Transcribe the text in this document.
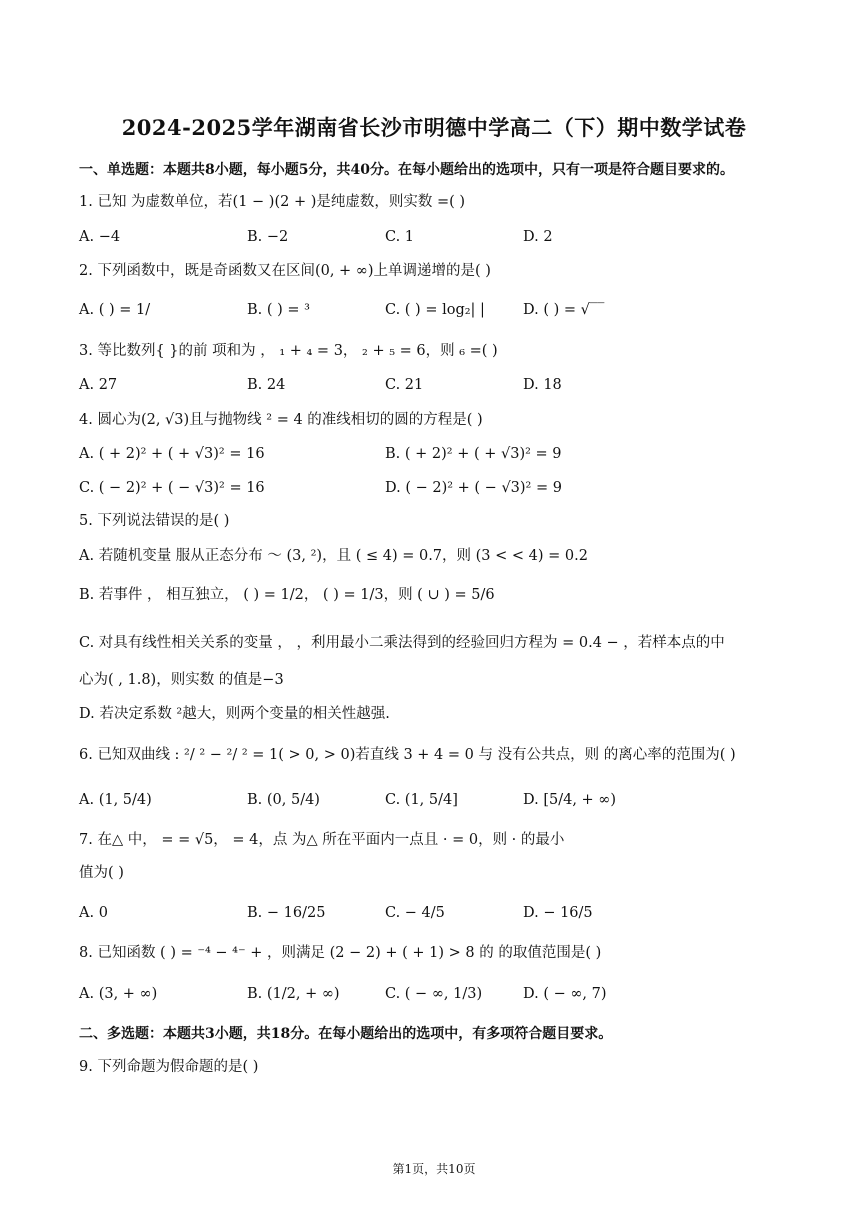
2024-2025学年湖南省长沙市明德中学高二（下）期中数学试卷
一、单选题：本题共8小题，每小题5分，共40分。在每小题给出的选项中，只有一项是符合题目要求的。
1. 已知 为虚数单位，若(1 − )(2 + )是纯虚数，则实数 =( )
A. −4	B. −2	C. 1	D. 2
2. 下列函数中，既是奇函数又在区间(0, + ∞)上单调递增的是( )
A. ( ) = 1/	B. ( ) = ³	C. ( ) = log₂| |	D. ( ) = √‾‾
3. 等比数列{ }的前 项和为 ， ₁ + ₄ = 3， ₂ + ₅ = 6，则 ₆ =( )
A. 27	B. 24	C. 21	D. 18
4. 圆心为(2, √3)且与抛物线 ² = 4 的准线相切的圆的方程是( )
A. ( + 2)² + ( + √3)² = 16	B. ( + 2)² + ( + √3)² = 9
C. ( − 2)² + ( − √3)² = 16	D. ( − 2)² + ( − √3)² = 9
5. 下列说法错误的是( )
A. 若随机变量 服从正态分布 ～ (3, ²)，且 ( ≤ 4) = 0.7，则 (3 < < 4) = 0.2
B. 若事件 ， 相互独立， ( ) = 1/2， ( ) = 1/3，则 ( ∪ ) = 5/6
C. 对具有线性相关关系的变量 ， ，利用最小二乘法得到的经验回归方程为 = 0.4 − ，若样本点的中
心为( , 1.8)，则实数 的值是−3
D. 若决定系数 ²越大，则两个变量的相关性越强.
6. 已知双曲线 : ²/ ² − ²/ ² = 1( > 0, > 0)若直线 3 + 4 = 0 与 没有公共点，则 的离心率的范围为( )
A. (1, 5/4)	B. (0, 5/4)	C. (1, 5/4]	D. [5/4, + ∞)
7. 在△ 中， = = √5， = 4，点 为△ 所在平面内一点且 · = 0，则 · 的最小
值为( )
A. 0	B. − 16/25	C. − 4/5	D. − 16/5
8. 已知函数 ( ) = ⁻⁴ − ⁴⁻ + ，则满足 (2 − 2) + ( + 1) > 8 的 的取值范围是( )
A. (3, + ∞)	B. (1/2, + ∞)	C. ( − ∞, 1/3)	D. ( − ∞, 7)
二、多选题：本题共3小题，共18分。在每小题给出的选项中，有多项符合题目要求。
9. 下列命题为假命题的是( )
第1页，共10页
